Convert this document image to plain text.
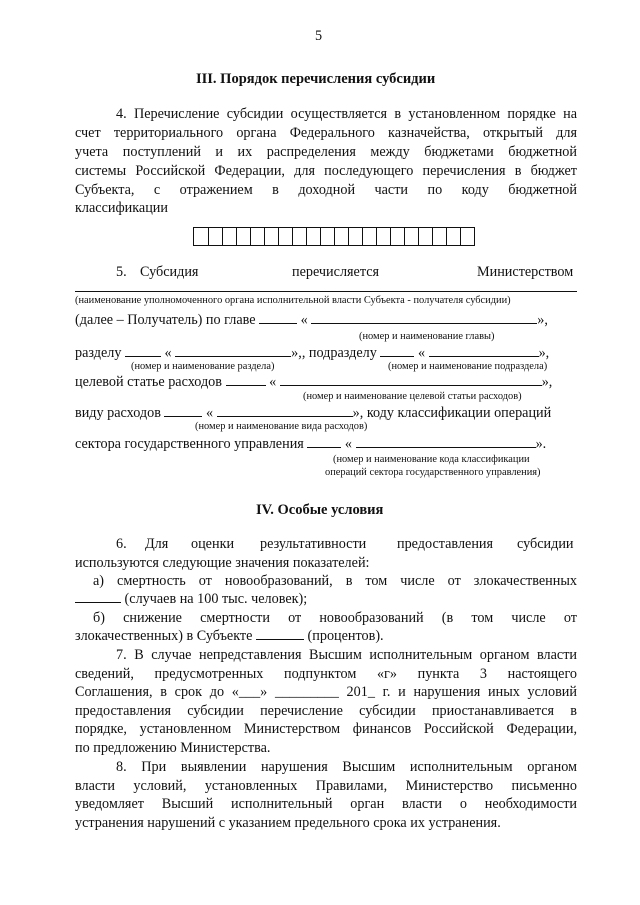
5
III. Порядок перечисления субсидии
4. Перечисление субсидии осуществляется в установленном порядке на
счет территориального органа Федерального казначейства, открытый для
учета поступлений и их распределения между бюджетами бюджетной
системы Российской Федерации, для последующего перечисления в бюджет
Субъекта, с отражением в доходной части по коду бюджетной
классификации
5. Субсидия	перечисляется	Министерством
(наименование уполномоченного органа исполнительной власти Субъекта - получателя субсидии)
(далее – Получатель) по главе	«	»,
(номер и наименование главы)
разделу	«	»,, подразделу	«	»,
(номер и наименование раздела)	(номер и наименование подраздела)
целевой статье расходов	«	»,
(номер и наименование целевой статьи расходов)
виду расходов	«	», коду классификации операций
(номер и наименование вида расходов)
сектора государственного управления	«	».
(номер и наименование кода классификации
операций сектора государственного управления)
IV. Особые условия
6. Для оценки результативности предоставления субсидии
используются следующие значения показателей:
а) смертность от новообразований, в том числе от злокачественных
(случаев на 100 тыс. человек);
б) снижение смертности от новообразований (в том числе от
злокачественных) в Субъекте	(процентов).
7. В случае непредставления Высшим исполнительным органом власти
сведений, предусмотренных подпунктом «г» пункта 3 настоящего
Соглашения, в срок до «___» _________ 201_ г. и нарушения иных условий
предоставления субсидии перечисление субсидии приостанавливается в
порядке, установленном Министерством финансов Российской Федерации,
по предложению Министерства.
8. При выявлении нарушения Высшим исполнительным органом
власти условий, установленных Правилами, Министерство письменно
уведомляет Высший исполнительный орган власти о необходимости
устранения нарушений с указанием предельного срока их устранения.
